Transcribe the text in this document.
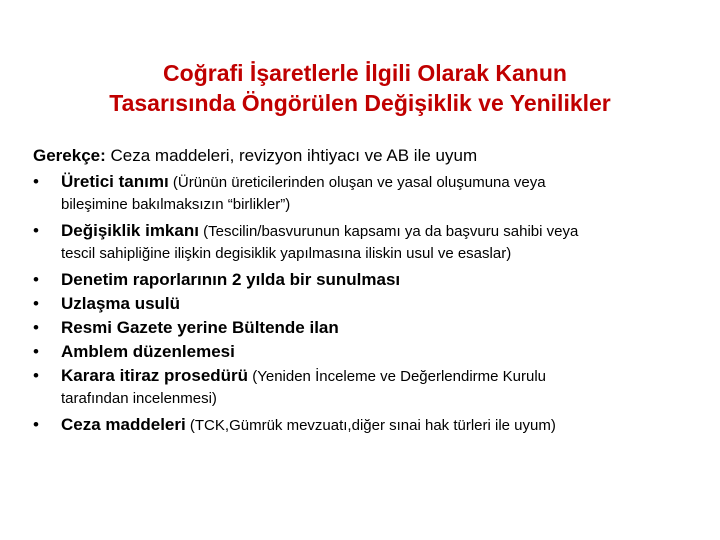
Coğrafi İşaretlerle İlgili Olarak Kanun
Tasarısında Öngörülen Değişiklik ve Yenilikler
Gerekçe: Ceza maddeleri, revizyon ihtiyacı ve AB ile uyum
• Üretici tanımı (Ürünün üreticilerinden oluşan ve yasal oluşumuna veya
bileşimine bakılmaksızın “birlikler”)
• Değişiklik imkanı (Tescilin/basvurunun kapsamı ya da başvuru sahibi veya
tescil sahipliğine ilişkin degisiklik yapılmasına iliskin usul ve esaslar)
• Denetim raporlarının 2 yılda bir sunulması
• Uzlaşma usulü
• Resmi Gazete yerine Bültende ilan
• Amblem düzenlemesi
• Karara itiraz prosedürü (Yeniden İnceleme ve Değerlendirme Kurulu
tarafından incelenmesi)
• Ceza maddeleri (TCK,Gümrük mevzuatı,diğer sınai hak türleri ile uyum)
